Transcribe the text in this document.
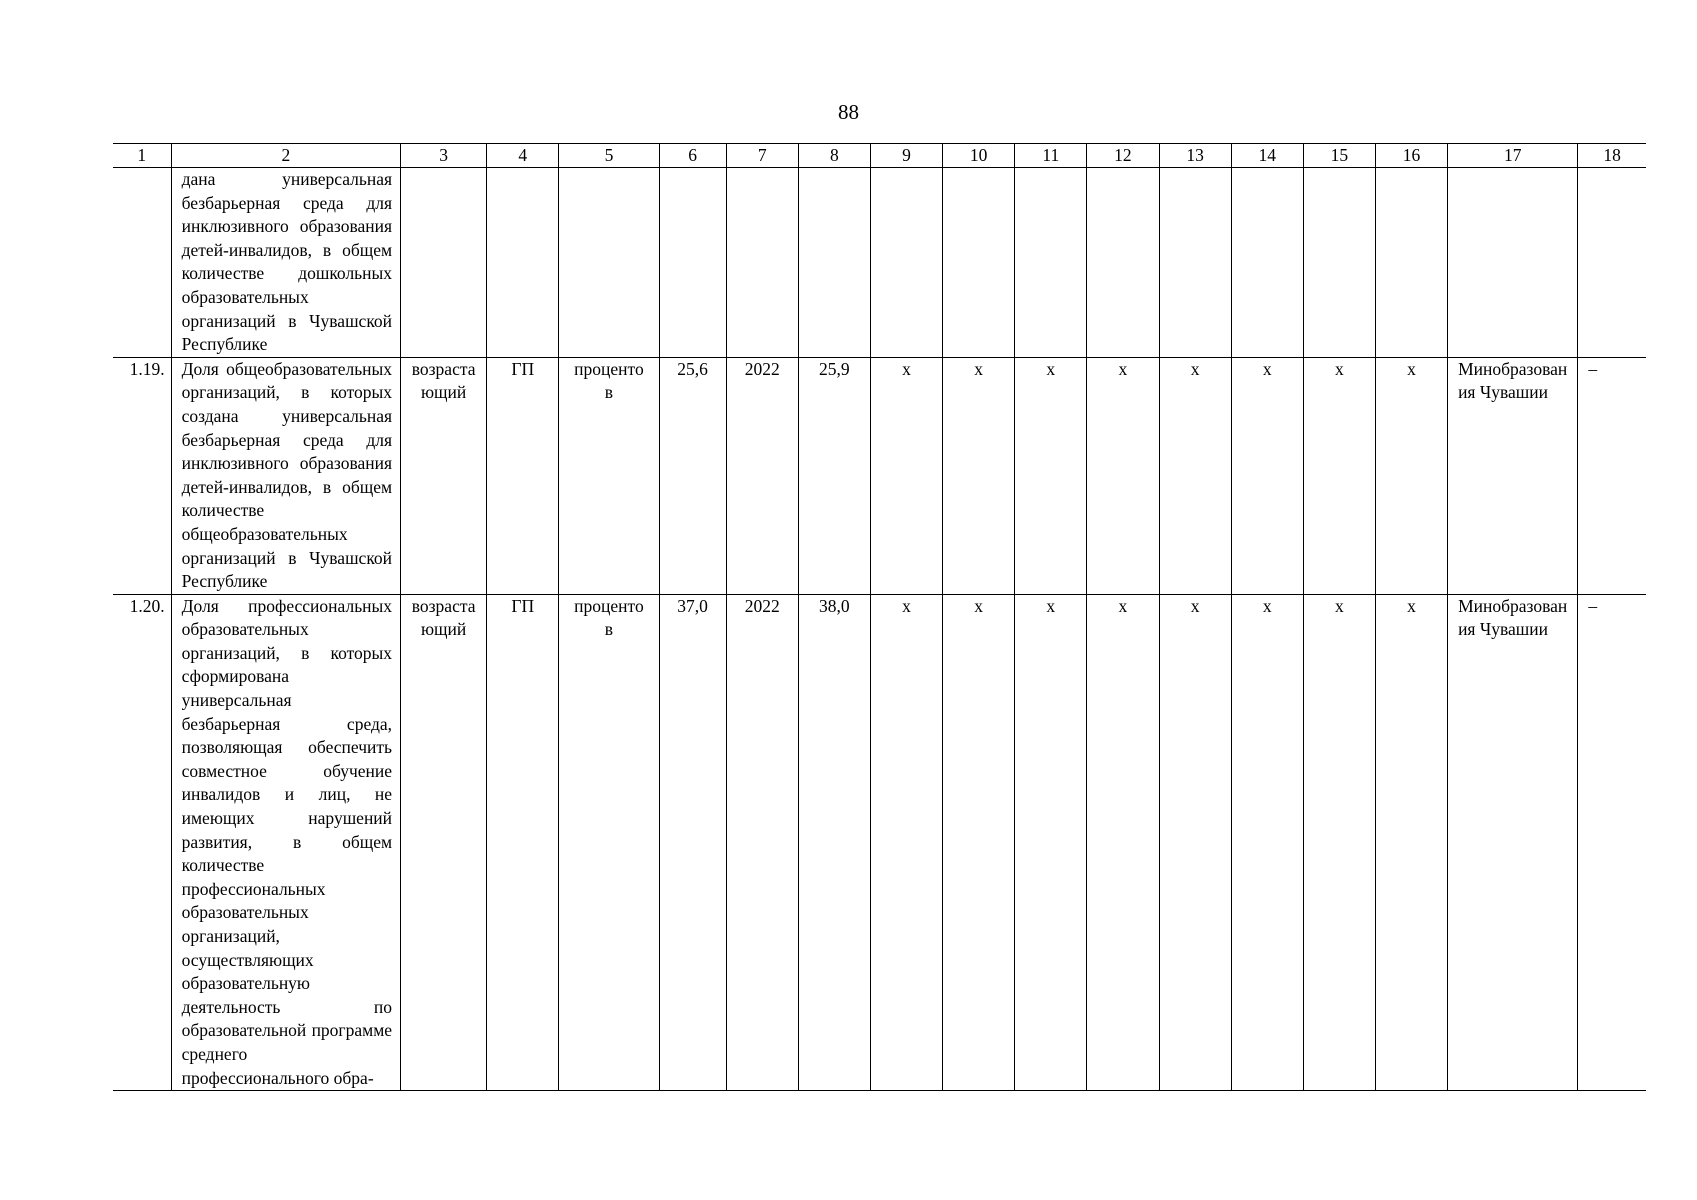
88
1	2	3	4	5	6	7	8	9	10	11	12	13	14	15	16	17	18
	дана универсальная безбарьерная среда для инклюзивного образования детей-инвалидов, в общем количестве дошкольных образовательных организаций в Чувашской Республике																
1.19.	Доля общеобразовательных организаций, в которых создана универсальная безбарьерная среда для инклюзивного образования детей-инвалидов, в общем количестве общеобразовательных организаций в Чувашской Республике	возрастающий	ГП	процентов	25,6	2022	25,9	х	х	х	х	х	х	х	х	Минобразования Чувашии	–
1.20.	Доля профессиональных образовательных организаций, в которых сформирована универсальная безбарьерная среда, позволяющая обеспечить совместное обучение инвалидов и лиц, не имеющих нарушений развития, в общем количестве профессиональных образовательных организаций, осуществляющих образовательную деятельность по образовательной программе среднего профессионального обра-	возрастающий	ГП	процентов	37,0	2022	38,0	х	х	х	х	х	х	х	х	Минобразования Чувашии	–
